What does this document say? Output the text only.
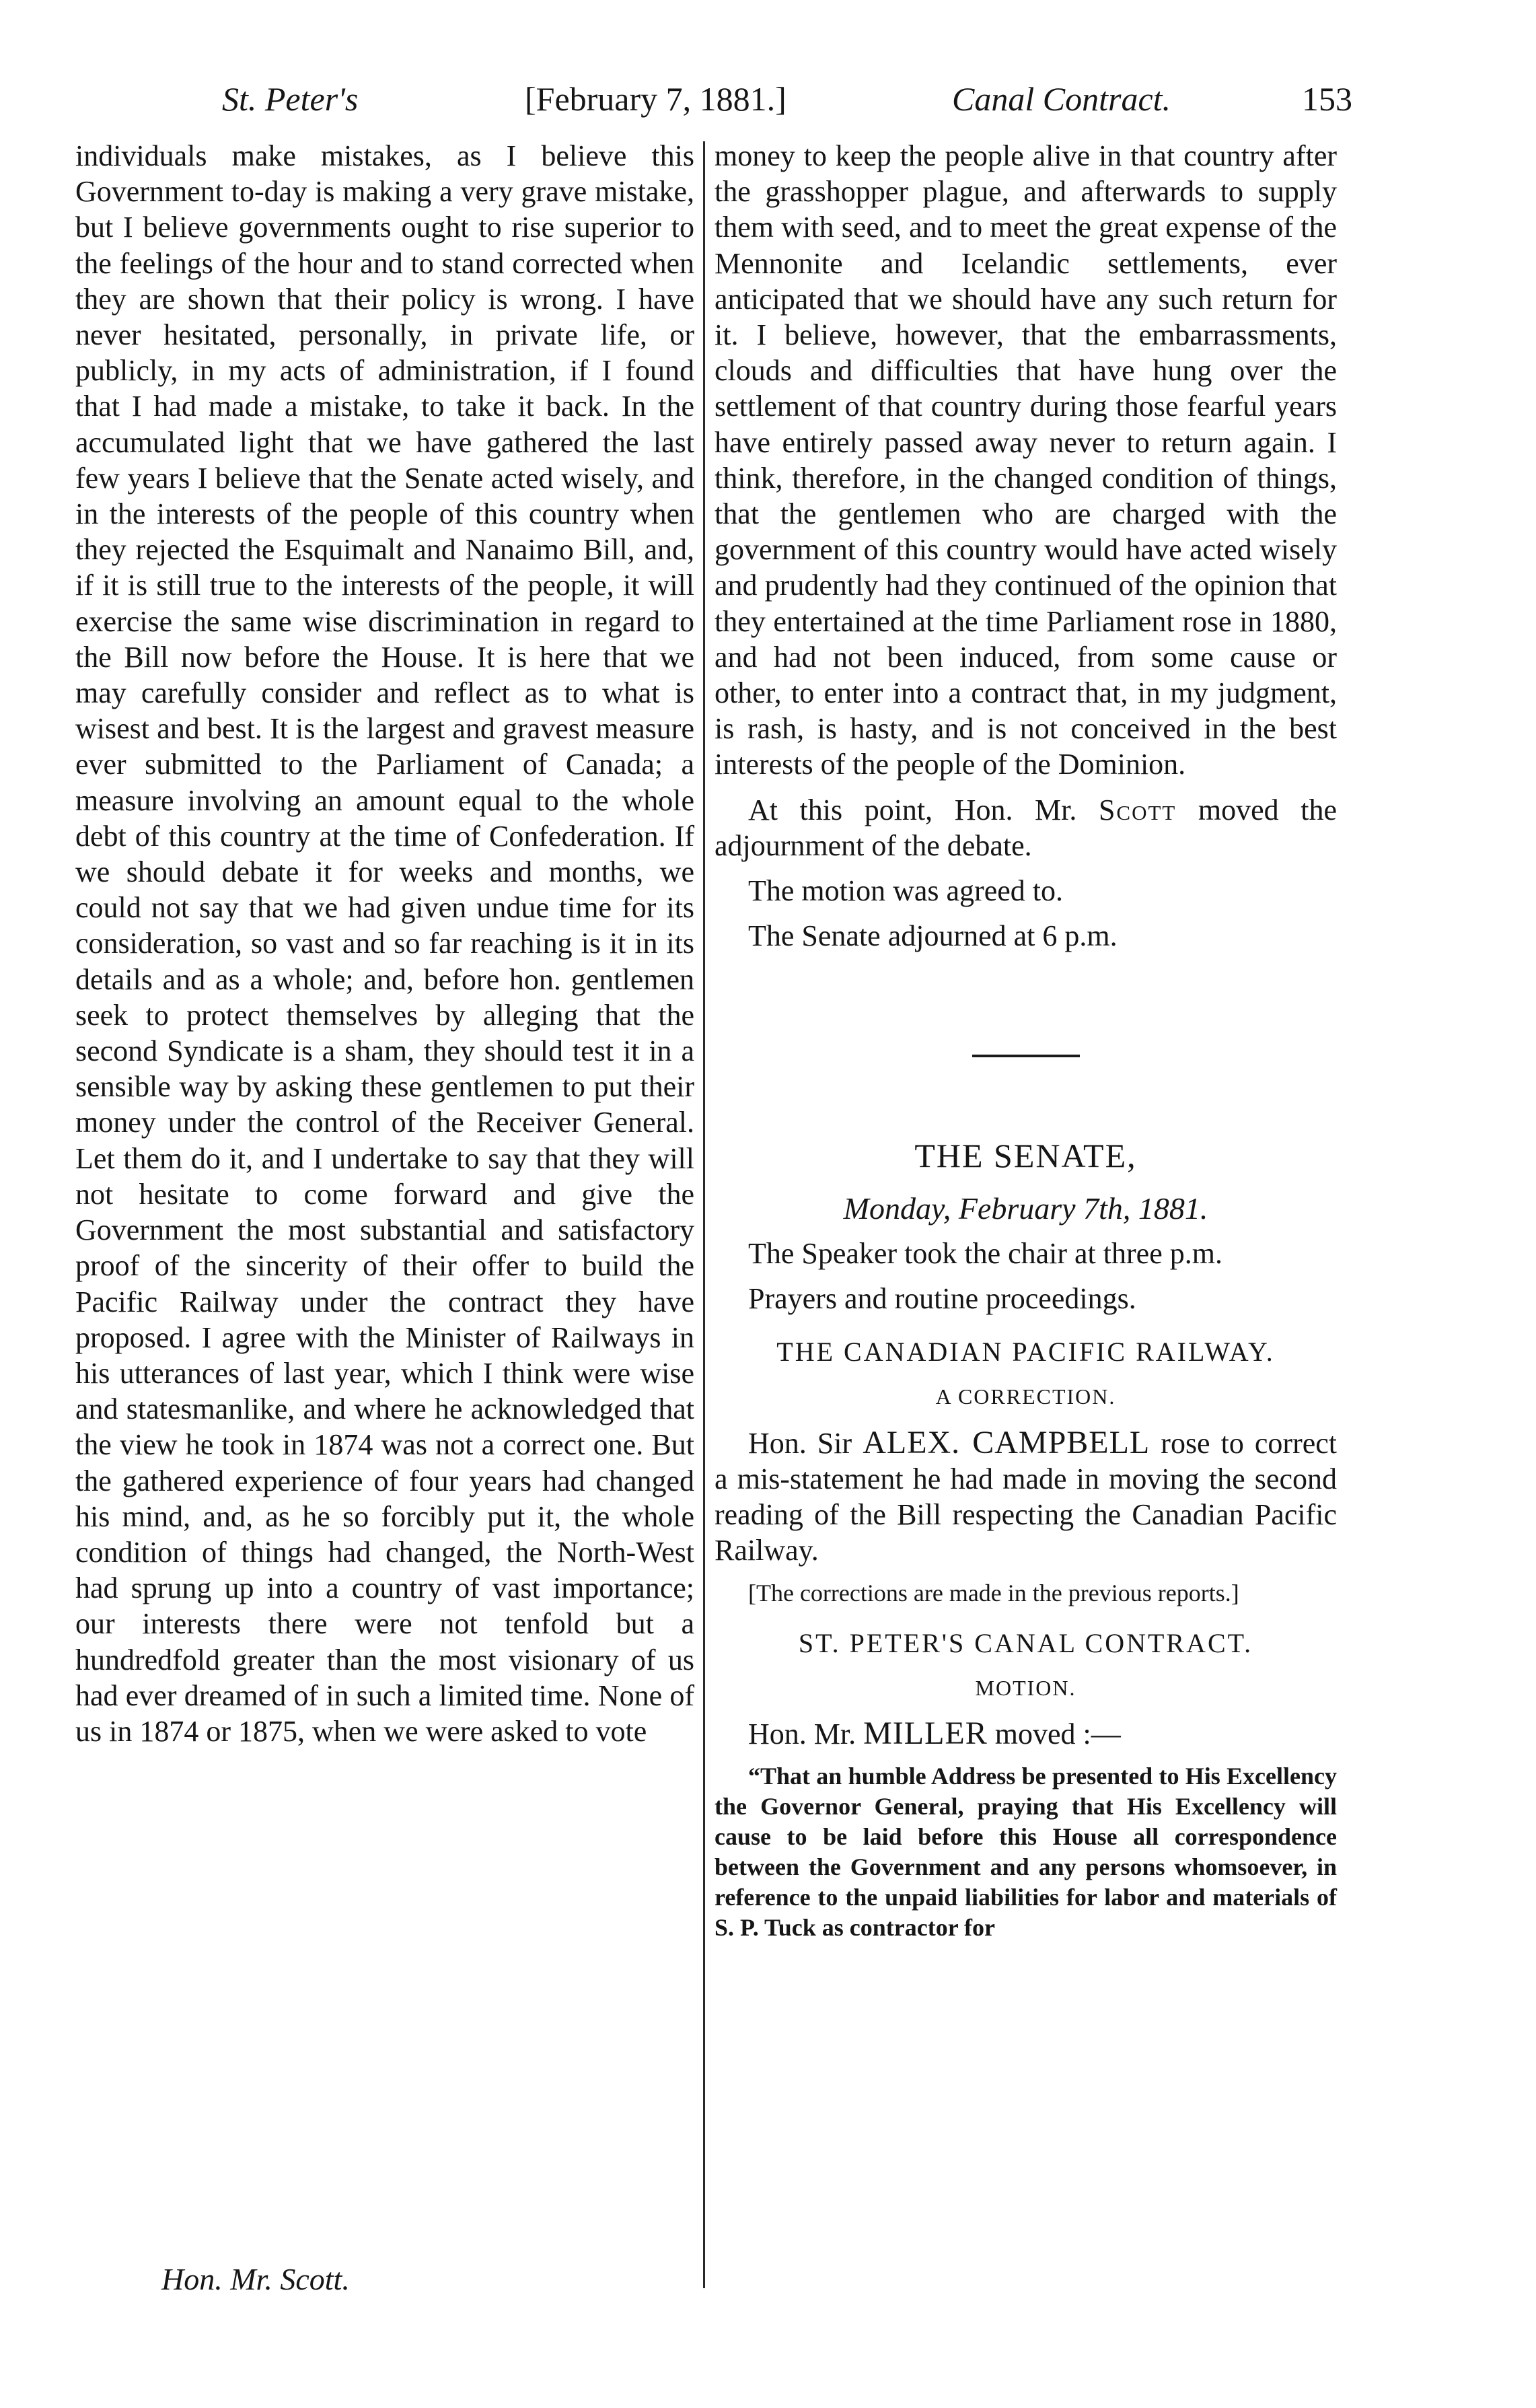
St. Peter's	[February 7, 1881.]	Canal Contract.	153

individuals make mistakes, as I believe this Government to-day is making a very grave mistake, but I believe governments ought to rise superior to the feelings of the hour and to stand corrected when they are shown that their policy is wrong. I have never hesitated, personally, in private life, or publicly, in my acts of administration, if I found that I had made a mistake, to take it back. In the accumulated light that we have gathered the last few years I believe that the Senate acted wisely, and in the interests of the people of this country when they rejected the Esquimalt and Nanaimo Bill, and, if it is still true to the interests of the people, it will exercise the same wise discrimination in regard to the Bill now before the House. It is here that we may carefully consider and reflect as to what is wisest and best. It is the largest and gravest measure ever submitted to the Parliament of Canada; a measure involving an amount equal to the whole debt of this country at the time of Confederation. If we should debate it for weeks and months, we could not say that we had given undue time for its consideration, so vast and so far reaching is it in its details and as a whole; and, before hon. gentlemen seek to protect themselves by alleging that the second Syndicate is a sham, they should test it in a sensible way by asking these gentlemen to put their money under the control of the Receiver General. Let them do it, and I undertake to say that they will not hesitate to come forward and give the Government the most substantial and satisfactory proof of the sincerity of their offer to build the Pacific Railway under the contract they have proposed. I agree with the Minister of Railways in his utterances of last year, which I think were wise and statesmanlike, and where he acknowledged that the view he took in 1874 was not a correct one. But the gathered experience of four years had changed his mind, and, as he so forcibly put it, the whole condition of things had changed, the North-West had sprung up into a country of vast importance; our interests there were not tenfold but a hundredfold greater than the most visionary of us had ever dreamed of in such a limited time. None of us in 1874 or 1875, when we were asked to vote

money to keep the people alive in that country after the grasshopper plague, and afterwards to supply them with seed, and to meet the great expense of the Mennonite and Icelandic settlements, ever anticipated that we should have any such return for it. I believe, however, that the embarrassments, clouds and difficulties that have hung over the settlement of that country during those fearful years have entirely passed away never to return again. I think, therefore, in the changed condition of things, that the gentlemen who are charged with the government of this country would have acted wisely and prudently had they continued of the opinion that they entertained at the time Parliament rose in 1880, and had not been induced, from some cause or other, to enter into a contract that, in my judgment, is rash, is hasty, and is not conceived in the best interests of the people of the Dominion.

At this point, Hon. Mr. Scott moved the adjournment of the debate.

The motion was agreed to.

The Senate adjourned at 6 p.m.

THE SENATE,

Monday, February 7th, 1881.

The Speaker took the chair at three p.m.

Prayers and routine proceedings.

THE CANADIAN PACIFIC RAILWAY.

A CORRECTION.

Hon. Sir ALEX. CAMPBELL rose to correct a mis-statement he had made in moving the second reading of the Bill respecting the Canadian Pacific Railway.

[The corrections are made in the previous reports.]

ST. PETER'S CANAL CONTRACT.

MOTION.

Hon. Mr. MILLER moved :—

“That an humble Address be presented to His Excellency the Governor General, praying that His Excellency will cause to be laid before this House all correspondence between the Government and any persons whomsoever, in reference to the unpaid liabilities for labor and materials of S. P. Tuck as contractor for

Hon. Mr. Scott.
